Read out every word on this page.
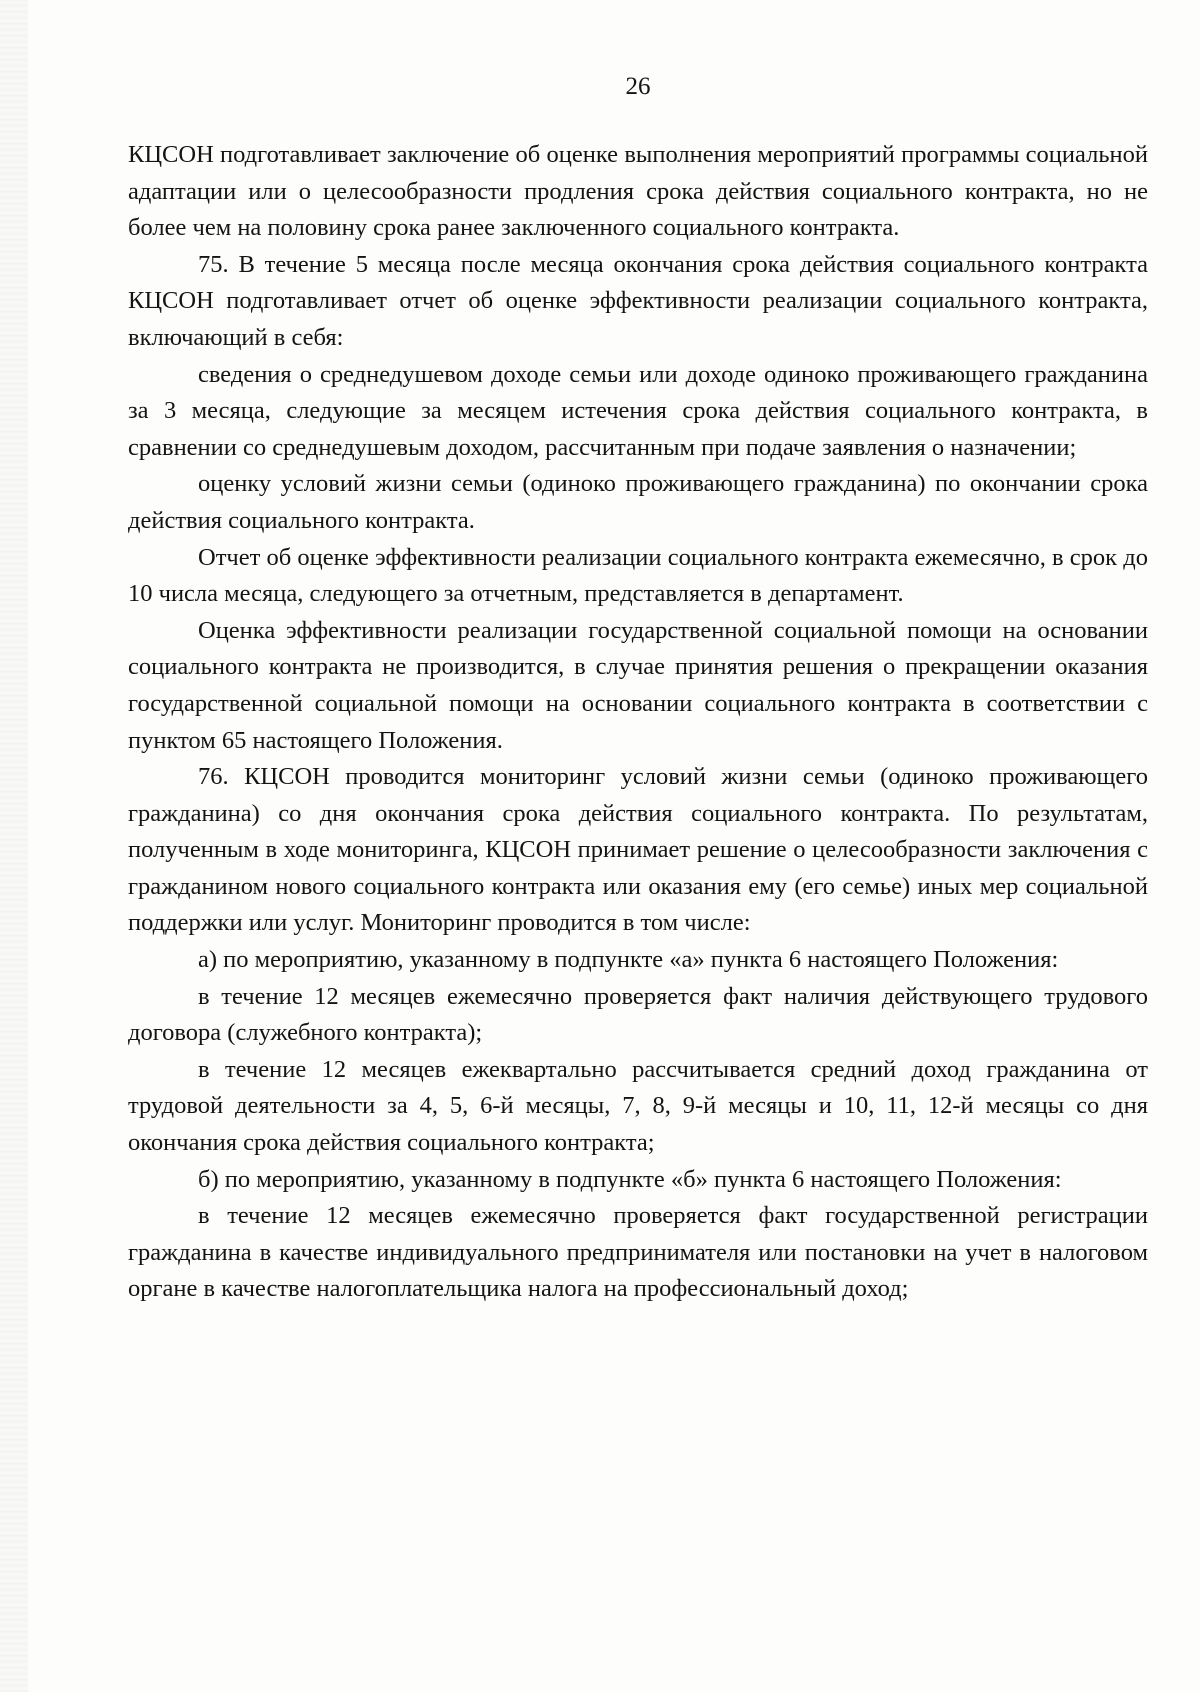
26

КЦСОН подготавливает заключение об оценке выполнения мероприятий программы социальной адаптации или о целесообразности продления срока действия социального контракта, но не более чем на половину срока ранее заключенного социального контракта.

75. В течение 5 месяца после месяца окончания срока действия социального контракта КЦСОН подготавливает отчет об оценке эффективности реализации социального контракта, включающий в себя:

сведения о среднедушевом доходе семьи или доходе одиноко проживающего гражданина за 3 месяца, следующие за месяцем истечения срока действия социального контракта, в сравнении со среднедушевым доходом, рассчитанным при подаче заявления о назначении;

оценку условий жизни семьи (одиноко проживающего гражданина) по окончании срока действия социального контракта.

Отчет об оценке эффективности реализации социального контракта ежемесячно, в срок до 10 числа месяца, следующего за отчетным, представляется в департамент.

Оценка эффективности реализации государственной социальной помощи на основании социального контракта не производится, в случае принятия решения о прекращении оказания государственной социальной помощи на основании социального контракта в соответствии с пунктом 65 настоящего Положения.

76. КЦСОН проводится мониторинг условий жизни семьи (одиноко проживающего гражданина) со дня окончания срока действия социального контракта. По результатам, полученным в ходе мониторинга, КЦСОН принимает решение о целесообразности заключения с гражданином нового социального контракта или оказания ему (его семье) иных мер социальной поддержки или услуг. Мониторинг проводится в том числе:

а) по мероприятию, указанному в подпункте «а» пункта 6 настоящего Положения:

в течение 12 месяцев ежемесячно проверяется факт наличия действующего трудового договора (служебного контракта);

в течение 12 месяцев ежеквартально рассчитывается средний доход гражданина от трудовой деятельности за 4, 5, 6-й месяцы, 7, 8, 9-й месяцы и 10, 11, 12-й месяцы со дня окончания срока действия социального контракта;

б) по мероприятию, указанному в подпункте «б» пункта 6 настоящего Положения:

в течение 12 месяцев ежемесячно проверяется факт государственной регистрации гражданина в качестве индивидуального предпринимателя или постановки на учет в налоговом органе в качестве налогоплательщика налога на профессиональный доход;
